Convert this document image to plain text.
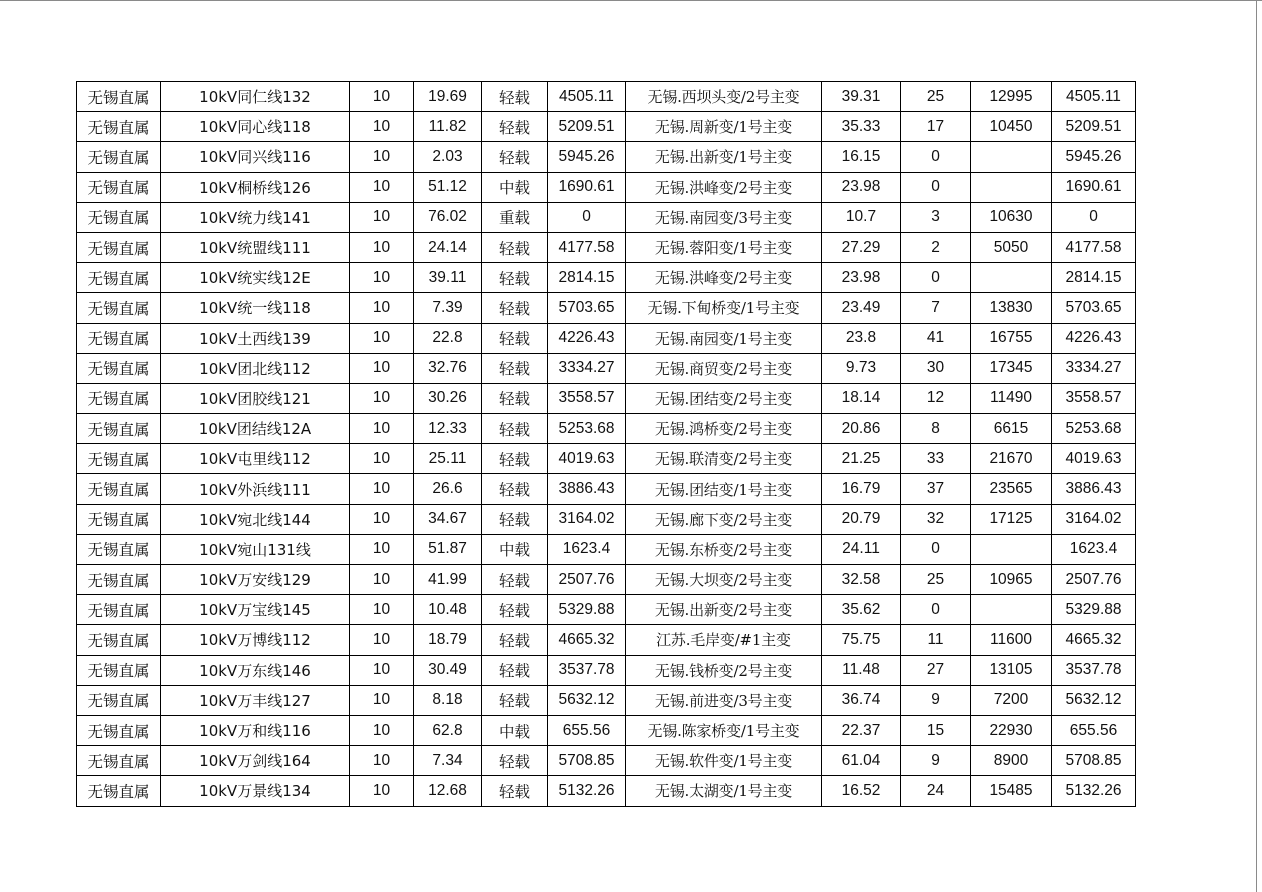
无锡直属	10kV同仁线132	10	19.69	轻载	4505.11	无锡.西坝头变/2号主变	39.31	25	12995	4505.11
无锡直属	10kV同心线118	10	11.82	轻载	5209.51	无锡.周新变/1号主变	35.33	17	10450	5209.51
无锡直属	10kV同兴线116	10	2.03	轻载	5945.26	无锡.出新变/1号主变	16.15	0		5945.26
无锡直属	10kV桐桥线126	10	51.12	中载	1690.61	无锡.洪峰变/2号主变	23.98	0		1690.61
无锡直属	10kV统力线141	10	76.02	重载	0	无锡.南园变/3号主变	10.7	3	10630	0
无锡直属	10kV统盟线111	10	24.14	轻载	4177.58	无锡.蓉阳变/1号主变	27.29	2	5050	4177.58
无锡直属	10kV统实线12E	10	39.11	轻载	2814.15	无锡.洪峰变/2号主变	23.98	0		2814.15
无锡直属	10kV统一线118	10	7.39	轻载	5703.65	无锡.下甸桥变/1号主变	23.49	7	13830	5703.65
无锡直属	10kV土西线139	10	22.8	轻载	4226.43	无锡.南园变/1号主变	23.8	41	16755	4226.43
无锡直属	10kV团北线112	10	32.76	轻载	3334.27	无锡.商贸变/2号主变	9.73	30	17345	3334.27
无锡直属	10kV团胶线121	10	30.26	轻载	3558.57	无锡.团结变/2号主变	18.14	12	11490	3558.57
无锡直属	10kV团结线12A	10	12.33	轻载	5253.68	无锡.鸿桥变/2号主变	20.86	8	6615	5253.68
无锡直属	10kV屯里线112	10	25.11	轻载	4019.63	无锡.联清变/2号主变	21.25	33	21670	4019.63
无锡直属	10kV外浜线111	10	26.6	轻载	3886.43	无锡.团结变/1号主变	16.79	37	23565	3886.43
无锡直属	10kV宛北线144	10	34.67	轻载	3164.02	无锡.廊下变/2号主变	20.79	32	17125	3164.02
无锡直属	10kV宛山131线	10	51.87	中载	1623.4	无锡.东桥变/2号主变	24.11	0		1623.4
无锡直属	10kV万安线129	10	41.99	轻载	2507.76	无锡.大坝变/2号主变	32.58	25	10965	2507.76
无锡直属	10kV万宝线145	10	10.48	轻载	5329.88	无锡.出新变/2号主变	35.62	0		5329.88
无锡直属	10kV万博线112	10	18.79	轻载	4665.32	江苏.毛岸变/#1主变	75.75	11	11600	4665.32
无锡直属	10kV万东线146	10	30.49	轻载	3537.78	无锡.钱桥变/2号主变	11.48	27	13105	3537.78
无锡直属	10kV万丰线127	10	8.18	轻载	5632.12	无锡.前进变/3号主变	36.74	9	7200	5632.12
无锡直属	10kV万和线116	10	62.8	中载	655.56	无锡.陈家桥变/1号主变	22.37	15	22930	655.56
无锡直属	10kV万剑线164	10	7.34	轻载	5708.85	无锡.软件变/1号主变	61.04	9	8900	5708.85
无锡直属	10kV万景线134	10	12.68	轻载	5132.26	无锡.太湖变/1号主变	16.52	24	15485	5132.26
